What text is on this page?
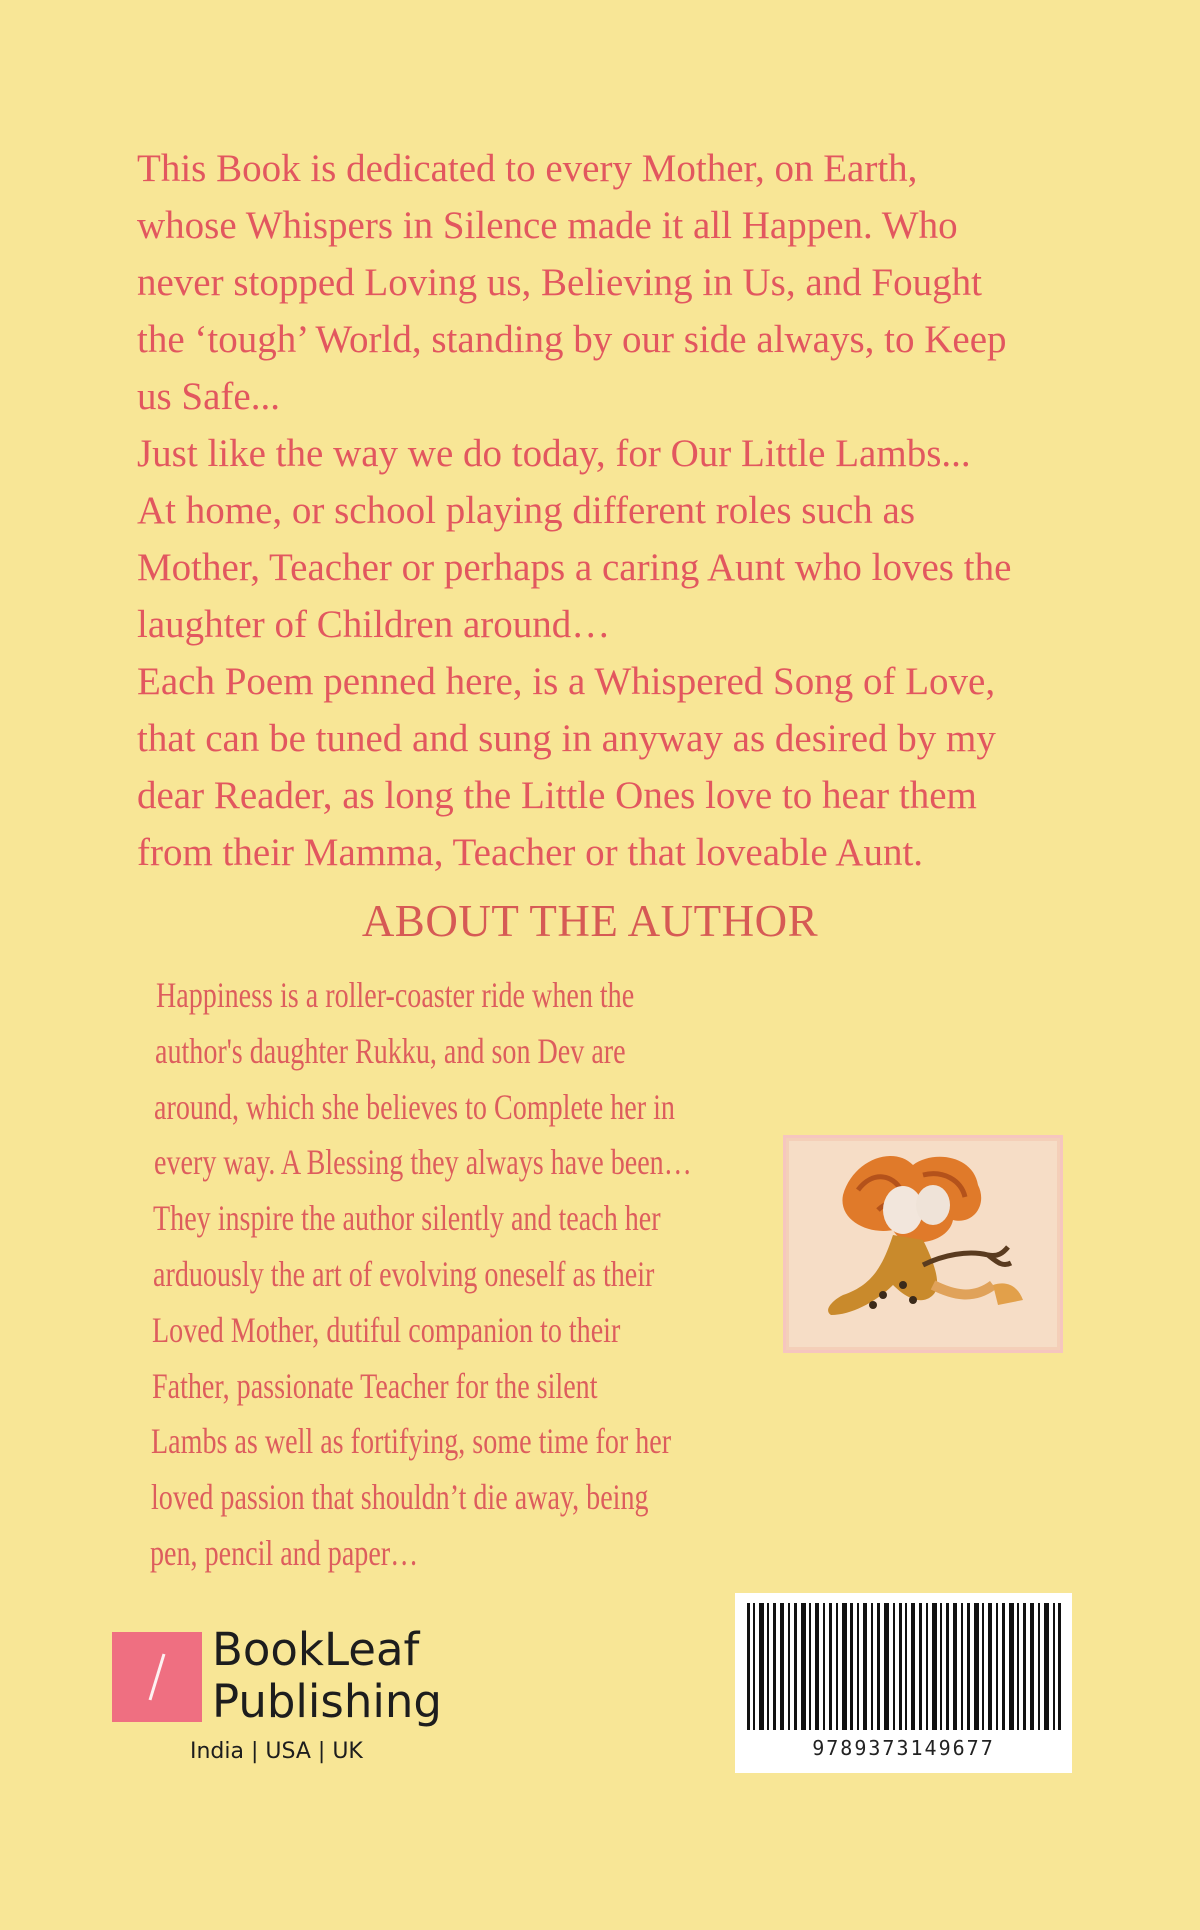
This Book is dedicated to every Mother, on Earth, whose Whispers in Silence made it all Happen. Who never stopped Loving us, Believing in Us, and Fought the ‘tough’ World, standing by our side always, to Keep us Safe...

Just like the way we do today, for Our Little Lambs... At home, or school playing different roles such as Mother, Teacher or perhaps a caring Aunt who loves the laughter of Children around…

Each Poem penned here, is a Whispered Song of Love, that can be tuned and sung in anyway as desired by my dear Reader, as long the Little Ones love to hear them from their Mamma, Teacher or that loveable Aunt.

ABOUT THE AUTHOR
Happiness is a roller-coaster ride when the
author's daughter Rukku, and son Dev are
around, which she believes to Complete her in
every way. A Blessing they always have been…
They inspire the author silently and teach her
arduously the art of evolving oneself as their
Loved Mother, dutiful companion to their
Father, passionate Teacher for the silent
Lambs as well as fortifying, some time for her
loved passion that shouldn’t die away, being
pen, pencil and paper…
BookLeaf
Publishing
India | USA | UK	9789373149677
